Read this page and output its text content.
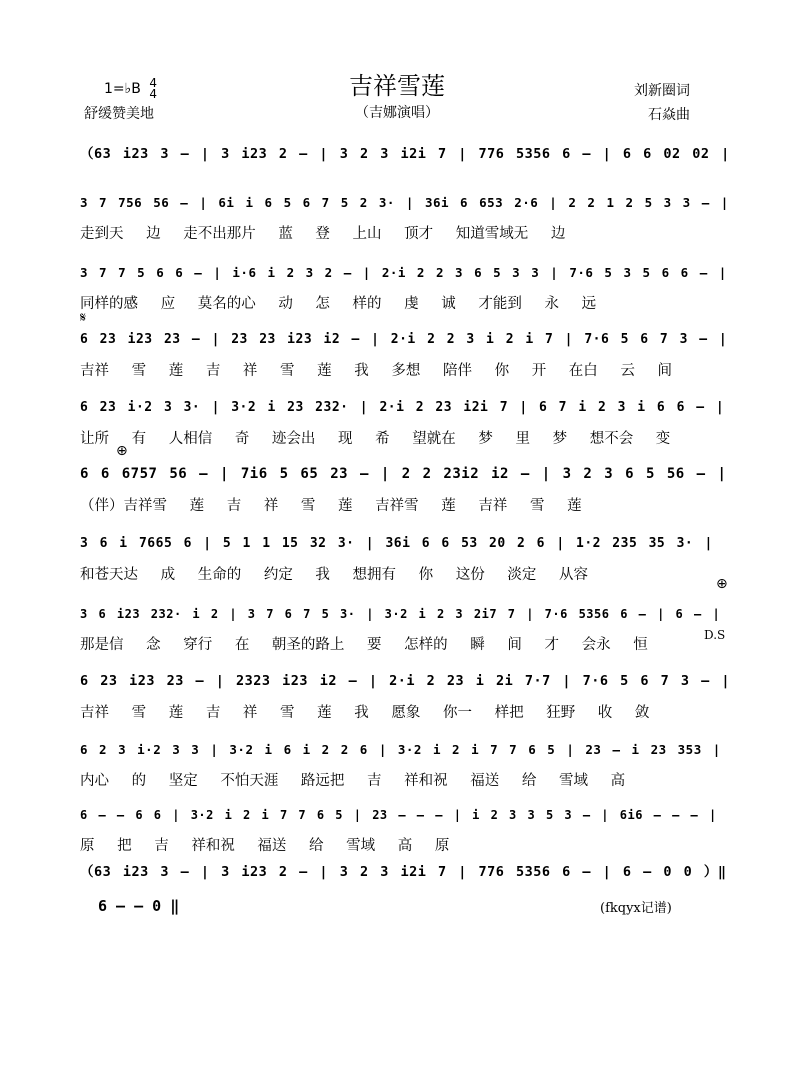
1=♭B 4
4
舒缓赞美地
吉祥雪莲
（吉娜演唱）
刘新圈词
石焱曲
（63 i23 3 – | 3 i23 2 – | 3 2 3 i2i 7 | 776 5356 6 – | 6 6 02 02 |
3 7 756 56 – | 6i i 6 5 6 7 5 2 3· | 36i 6 653 2·6 | 2 2 1 2 5 3 3 – |
走到天 边 走不出那片 蓝 登 上山 顶才 知道雪域无 边
3 7 7 5 6 6 – | i·6 i 2 3 2 – | 2·i 2 2 3 6 5 3 3 | 7·6 5 3 5 6 6 – |
同样的感 应 莫名的心 动 怎 样的 虔 诚 才能到 永 远
6 23 i23 23 – | 23 23 i23 i2 – | 2·i 2 2 3 i 2 i 7 | 7·6 5 6 7 3 – |
吉祥 雪 莲 吉 祥 雪 莲 我 多想 陪伴 你 开 在白 云 间
6 23 i·2 3 3· | 3·2 i 23 232· | 2·i 2 23 i2i 7 | 6 7 i 2 3 i 6 6 – |
让所 有 人相信 奇 迹会出 现 希 望就在 梦 里 梦 想不会 变
6 6 6757 56 – | 7i6 5 65 23 – | 2 2 23i2 i2 – | 3 2 3 6 5 56 – |
（伴）吉祥雪 莲 吉 祥 雪 莲 吉祥雪 莲 吉祥 雪 莲
3 6 i 7665 6 | 5 1 1 15 32 3· | 36i 6 6 53 20 2 6 | 1·2 235 35 3· |
和苍天达 成 生命的 约定 我 想拥有 你 这份 淡定 从容
3 6 i23 232· i 2 | 3 7 6 7 5 3· | 3·2 i 2 3 2i7 7 | 7·6 5356 6 – | 6 – |
那是信 念 穿行 在 朝圣的路上 要 怎样的 瞬 间 才 会永 恒
6 23 i23 23 – | 2323 i23 i2 – | 2·i 2 23 i 2i 7·7 | 7·6 5 6 7 3 – |
吉祥 雪 莲 吉 祥 雪 莲 我 愿象 你一 样把 狂野 收 敛
6 2 3 i·2 3 3 | 3·2 i 6 i 2 2 6 | 3·2 i 2 i 7 7 6 5 | 23 – i 23 353 |
内心 的 坚定 不怕天涯 路远把 吉 祥和祝 福送 给 雪域 高
6 – – 6 6 | 3·2 i 2 i 7 7 6 5 | 23 – – – | i 2 3 3 5 3 – | 6i6 – – – |
原 把 吉 祥和祝 福送 给 雪域 高 原
（63 i23 3 – | 3 i23 2 – | 3 2 3 i2i 7 | 776 5356 6 – | 6 – 0 0 ）‖
𝄋
⊕
⊕
D.S
6 – – 0 ‖	(fkqyx记谱)
